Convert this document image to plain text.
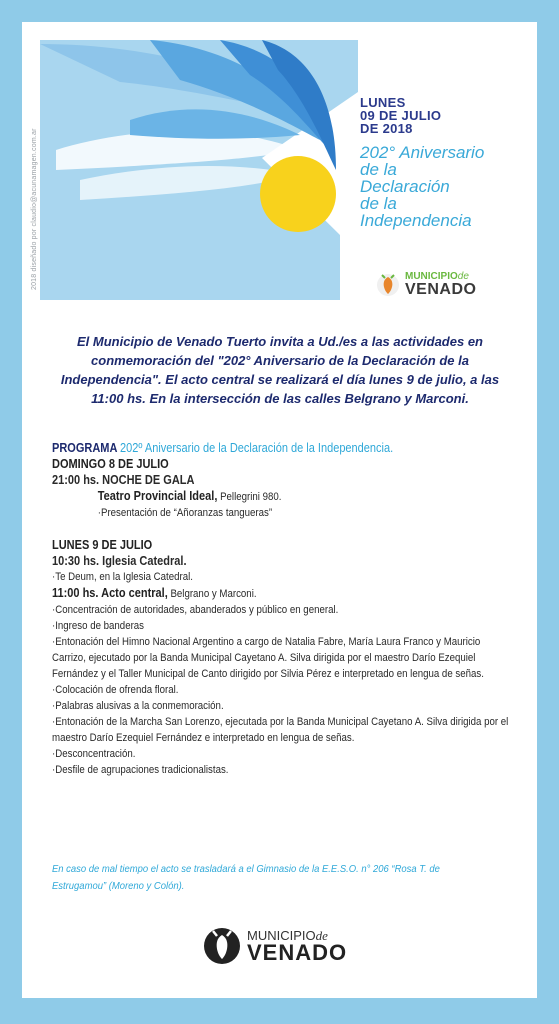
2018 diseñado por claudio@acunamagen.com.ar
LUNES
09 DE JULIO
DE 2018
202° Aniversario
de la
Declaración
de la
Independencia
MUNICIPIOde
VENADO
El Municipio de Venado Tuerto invita a Ud./es a las actividades en conmemoración del "202° Aniversario de la Declaración de la Independencia". El acto central se realizará el día lunes 9 de julio, a las 11:00 hs. En la intersección de las calles Belgrano y Marconi.
PROGRAMA 202º Aniversario de la Declaración de la Independencia.
DOMINGO 8 DE JULIO
21:00 hs. NOCHE DE GALA
Teatro Provincial Ideal, Pellegrini 980.
·Presentación de “Añoranzas tangueras”
LUNES 9 DE JULIO
10:30 hs. Iglesia Catedral.
·Te Deum, en la Iglesia Catedral.
11:00 hs. Acto central, Belgrano y Marconi.
·Concentración de autoridades, abanderados y público en general.
·Ingreso de banderas
·Entonación del Himno Nacional Argentino a cargo de Natalia Fabre, María Laura Franco y Mauricio Carrizo, ejecutado por la Banda Municipal Cayetano A. Silva dirigida por el maestro Darío Ezequiel Fernández y el Taller Municipal de Canto dirigido por Silvia Pérez e interpretado en lengua de señas.
·Colocación de ofrenda floral.
·Palabras alusivas a la conmemoración.
·Entonación de la Marcha San Lorenzo, ejecutada por la Banda Municipal Cayetano A. Silva dirigida por el maestro Darío Ezequiel Fernández e interpretado en lengua de señas.
·Desconcentración.
·Desfile de agrupaciones tradicionalistas.
En caso de mal tiempo el acto se trasladará a el Gimnasio de la E.E.S.O. n° 206 “Rosa T. de Estrugamou” (Moreno y Colón).
MUNICIPIOde
VENADO
